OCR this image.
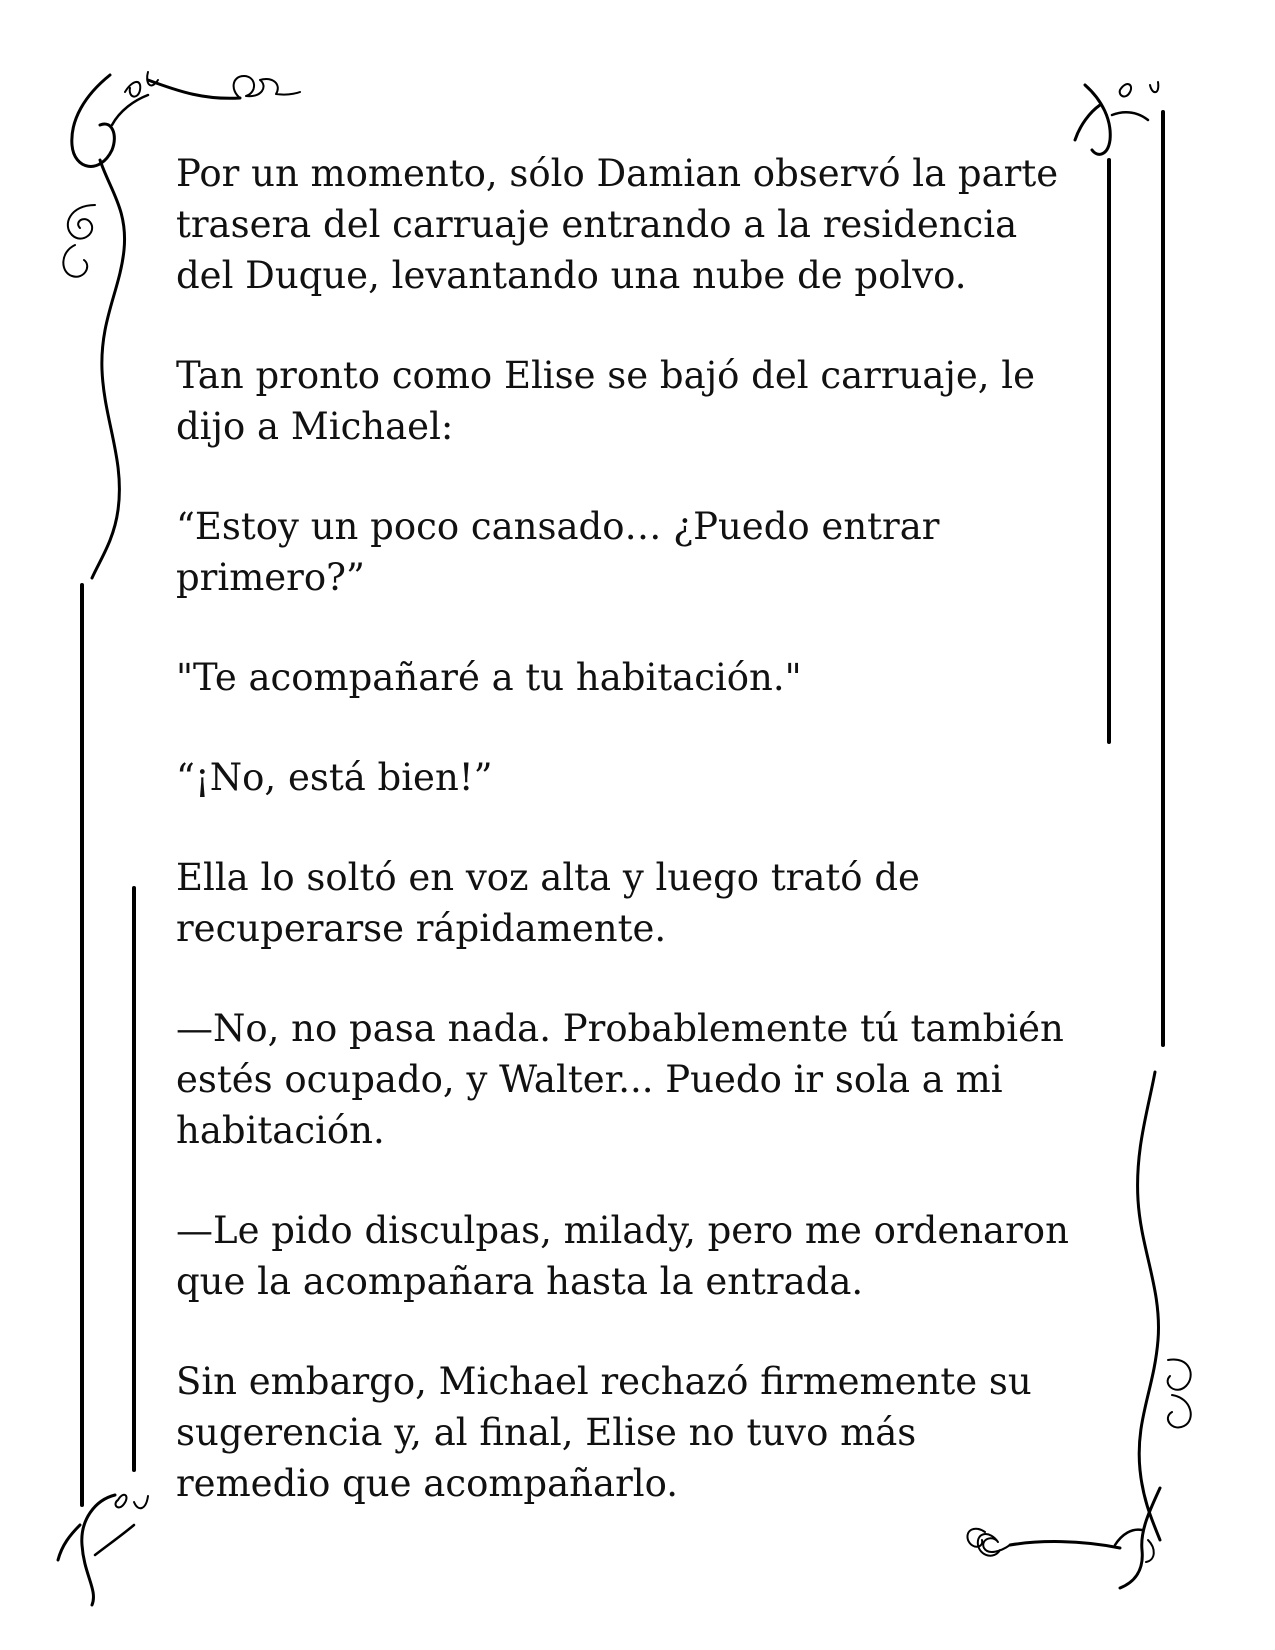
Por un momento, sólo Damian observó la parte
trasera del carruaje entrando a la residencia
del Duque, levantando una nube de polvo.

Tan pronto como Elise se bajó del carruaje, le
dijo a Michael:

“Estoy un poco cansado… ¿Puedo entrar
primero?”

"Te acompañaré a tu habitación."

“¡No, está bien!”

Ella lo soltó en voz alta y luego trató de
recuperarse rápidamente.

—No, no pasa nada. Probablemente tú también
estés ocupado, y Walter... Puedo ir sola a mi
habitación.

—Le pido disculpas, milady, pero me ordenaron
que la acompañara hasta la entrada.

Sin embargo, Michael rechazó firmemente su
sugerencia y, al final, Elise no tuvo más
remedio que acompañarlo.
